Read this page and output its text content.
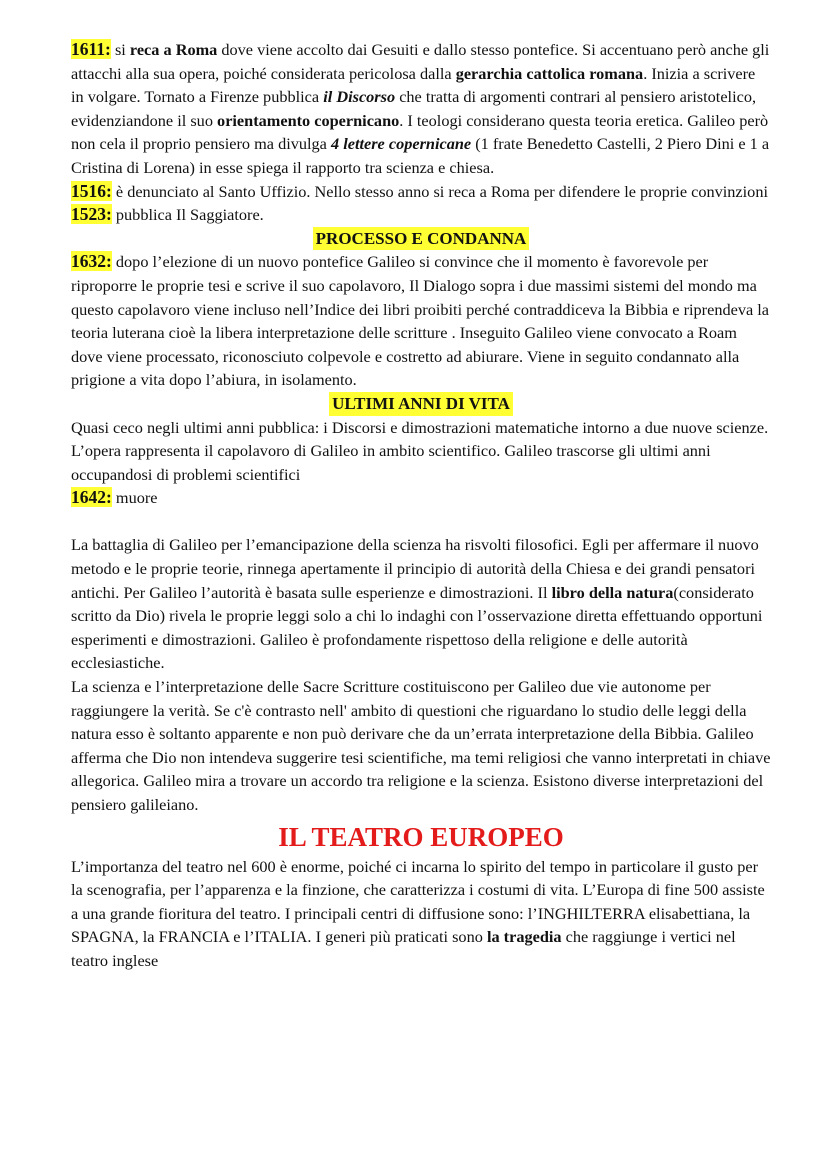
1611: si reca a Roma dove viene accolto dai Gesuiti e dallo stesso pontefice. Si accentuano però anche gli attacchi alla sua opera, poiché considerata pericolosa dalla gerarchia cattolica romana. Inizia a scrivere in volgare. Tornato a Firenze pubblica il Discorso che tratta di argomenti contrari al pensiero aristotelico, evidenziandone il suo orientamento copernicano. I teologi considerano questa teoria eretica. Galileo però non cela il proprio pensiero ma divulga 4 lettere copernicane (1 frate Benedetto Castelli, 2 Piero Dini e 1 a Cristina di Lorena) in esse spiega il rapporto tra scienza e chiesa.

1516: è denunciato al Santo Uffizio. Nello stesso anno si reca a Roma per difendere le proprie convinzioni

1523: pubblica Il Saggiatore.

PROCESSO E CONDANNA

1632: dopo l’elezione di un nuovo pontefice Galileo si convince che il momento è favorevole per riproporre le proprie tesi e scrive il suo capolavoro, Il Dialogo sopra i due massimi sistemi del mondo ma questo capolavoro viene incluso nell’Indice dei libri proibiti perché contraddiceva la Bibbia e riprendeva la teoria luterana cioè la libera interpretazione delle scritture . Inseguito Galileo viene convocato a Roam dove viene processato, riconosciuto colpevole e costretto ad abiurare. Viene in seguito condannato alla prigione a vita dopo l’abiura, in isolamento.

ULTIMI ANNI DI VITA

Quasi ceco negli ultimi anni pubblica: i Discorsi e dimostrazioni matematiche intorno a due nuove scienze. L’opera rappresenta il capolavoro di Galileo in ambito scientifico. Galileo trascorse gli ultimi anni occupandosi di problemi scientifici

1642: muore

La battaglia di Galileo per l’emancipazione della scienza ha risvolti filosofici. Egli per affermare il nuovo metodo e le proprie teorie, rinnega apertamente il principio di autorità della Chiesa e dei grandi pensatori antichi. Per Galileo l’autorità è basata sulle esperienze e dimostrazioni. Il libro della natura(considerato scritto da Dio) rivela le proprie leggi solo a chi lo indaghi con l’osservazione diretta effettuando opportuni esperimenti e dimostrazioni. Galileo è profondamente rispettoso della religione e delle autorità ecclesiastiche.

La scienza e l’interpretazione delle Sacre Scritture costituiscono per Galileo due vie autonome per raggiungere la verità. Se c'è contrasto nell' ambito di questioni che riguardano lo studio delle leggi della natura esso è soltanto apparente e non può derivare che da un’errata interpretazione della Bibbia. Galileo afferma che Dio non intendeva suggerire tesi scientifiche, ma temi religiosi che vanno interpretati in chiave allegorica. Galileo mira a trovare un accordo tra religione e la scienza. Esistono diverse interpretazioni del pensiero galileiano.

IL TEATRO EUROPEO

L’importanza del teatro nel 600 è enorme, poiché ci incarna lo spirito del tempo in particolare il gusto per la scenografia, per l’apparenza e la finzione, che caratterizza i costumi di vita. L’Europa di fine 500 assiste a una grande fioritura del teatro. I principali centri di diffusione sono: l’INGHILTERRA elisabettiana, la SPAGNA, la FRANCIA e l’ITALIA. I generi più praticati sono la tragedia che raggiunge i vertici nel teatro inglese
